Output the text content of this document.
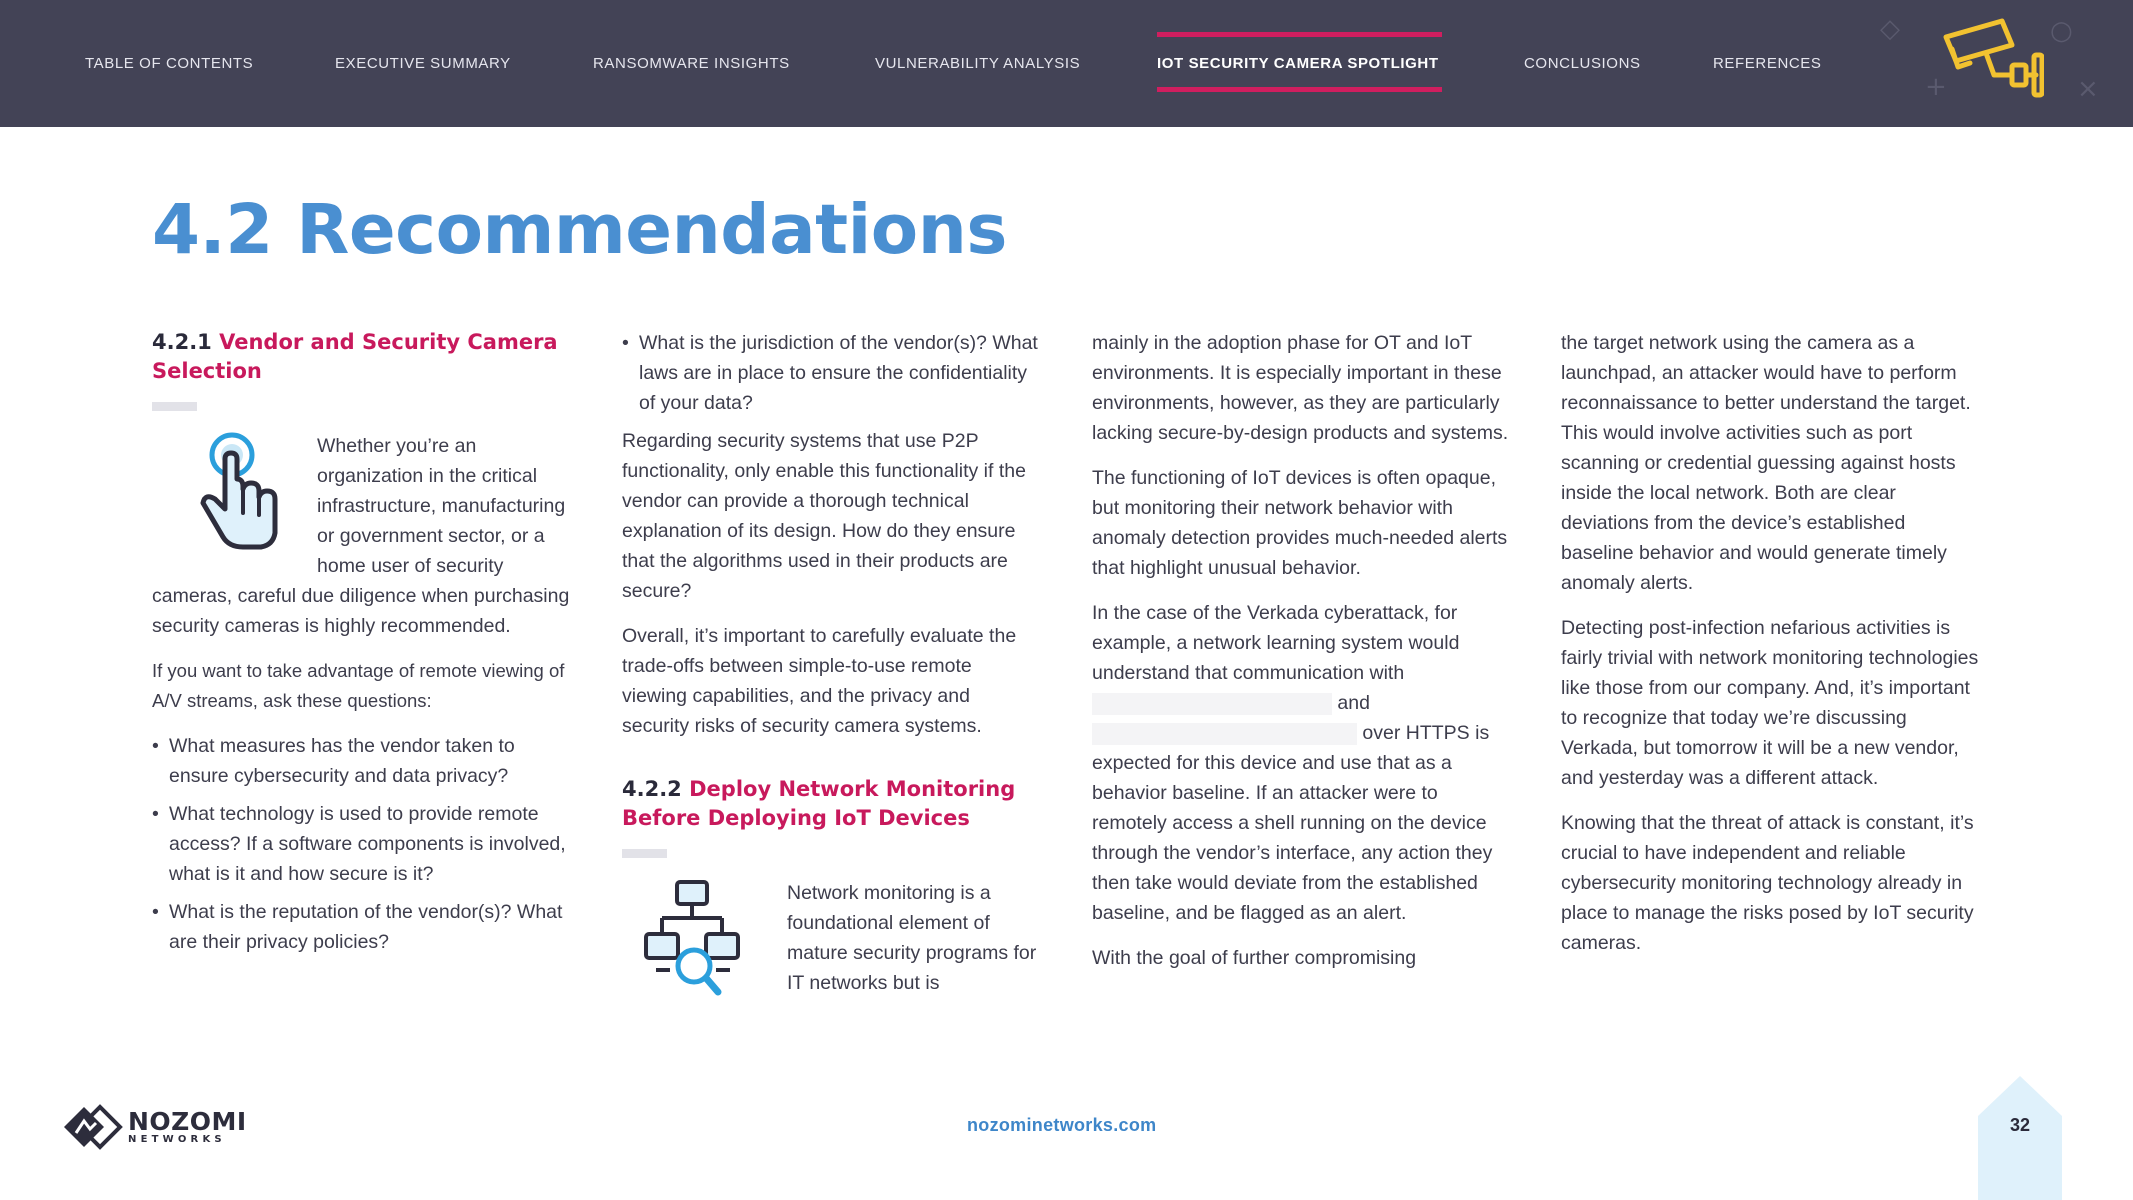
TABLE OF CONTENTS	EXECUTIVE SUMMARY	RANSOMWARE INSIGHTS	VULNERABILITY ANALYSIS	IOT SECURITY CAMERA SPOTLIGHT	CONCLUSIONS	REFERENCES
◇	○
+	×
4.2 Recommendations
4.2.1 Vendor and Security Camera Selection

Whether you’re an organization in the critical infrastructure, manufacturing or government sector, or a home user of security cameras, careful due diligence when purchasing security cameras is highly recommended.

If you want to take advantage of remote viewing of A/V streams, ask these questions:

• What measures has the vendor taken to ensure cybersecurity and data privacy?
• What technology is used to provide remote access? If a software components is involved, what is it and how secure is it?
• What is the reputation of the vendor(s)? What are their privacy policies?
• What is the jurisdiction of the vendor(s)? What laws are in place to ensure the confidentiality of your data?

Regarding security systems that use P2P functionality, only enable this functionality if the vendor can provide a thorough technical explanation of its design. How do they ensure that the algorithms used in their products are secure?

Overall, it’s important to carefully evaluate the trade-offs between simple-to-use remote viewing capabilities, and the privacy and security risks of security camera systems.

4.2.2 Deploy Network Monitoring Before Deploying IoT Devices

Network monitoring is a foundational element of mature security programs for IT networks but is

mainly in the adoption phase for OT and IoT environments. It is especially important in these environments, however, as they are particularly lacking secure-by-design products and systems.

The functioning of IoT devices is often opaque, but monitoring their network behavior with anomaly detection provides much-needed alerts that highlight unusual behavior.

In the case of the Verkada cyberattack, for example, a network learning system would understand that communication with  and  over HTTPS is expected for this device and use that as a behavior baseline. If an attacker were to remotely access a shell running on the device through the vendor’s interface, any action they then take would deviate from the established baseline, and be flagged as an alert.

With the goal of further compromising

the target network using the camera as a launchpad, an attacker would have to perform reconnaissance to better understand the target. This would involve activities such as port scanning or credential guessing against hosts inside the local network. Both are clear deviations from the device’s established baseline behavior and would generate timely anomaly alerts.

Detecting post-infection nefarious activities is fairly trivial with network monitoring technologies like those from our company. And, it’s important to recognize that today we’re discussing Verkada, but tomorrow it will be a new vendor, and yesterday was a different attack.

Knowing that the threat of attack is constant, it’s crucial to have independent and reliable cybersecurity monitoring technology already in place to manage the risks posed by IoT security cameras.

NOZOMI
NETWORKS
nozominetworks.com	32
